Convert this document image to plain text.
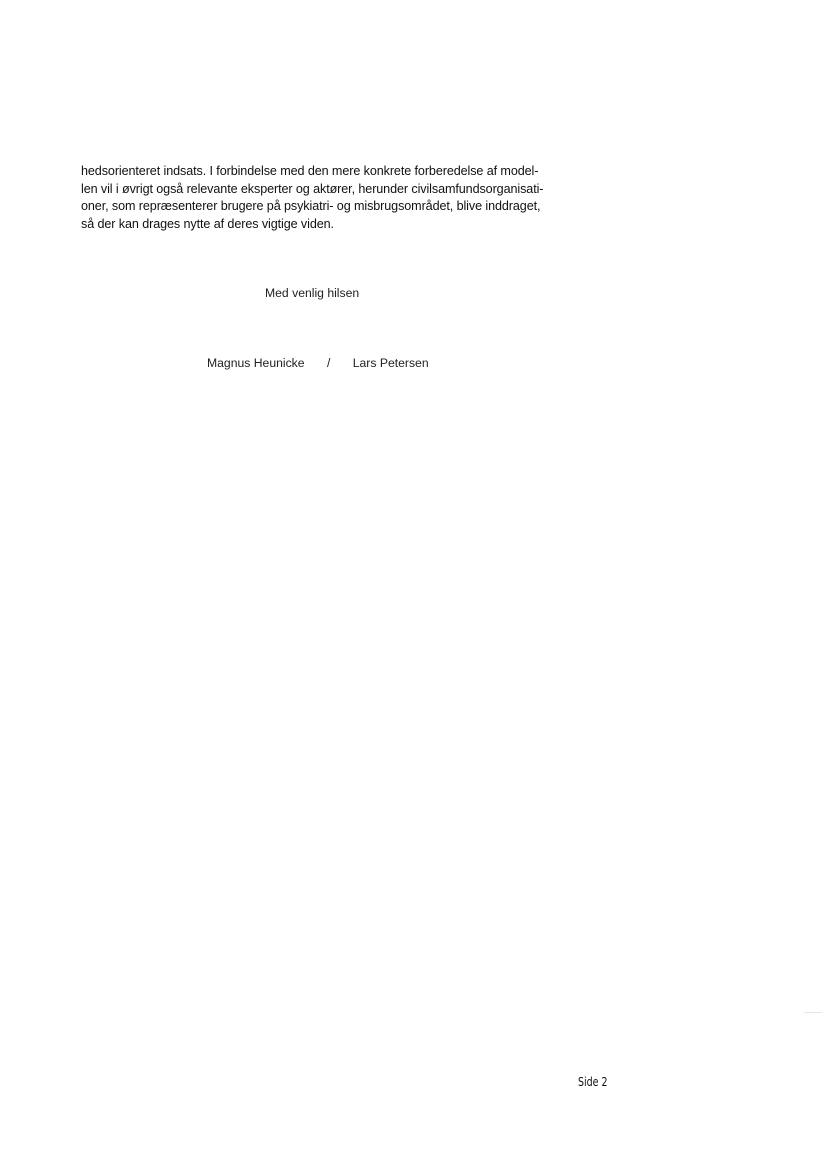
hedsorienteret indsats. I forbindelse med den mere konkrete forberedelse af model-
len vil i øvrigt også relevante eksperter og aktører, herunder civilsamfundsorganisati-
oner, som repræsenterer brugere på psykiatri- og misbrugsområdet, blive inddraget,
så der kan drages nytte af deres vigtige viden.
Med venlig hilsen
Magnus Heunicke / Lars Petersen
Side 2
